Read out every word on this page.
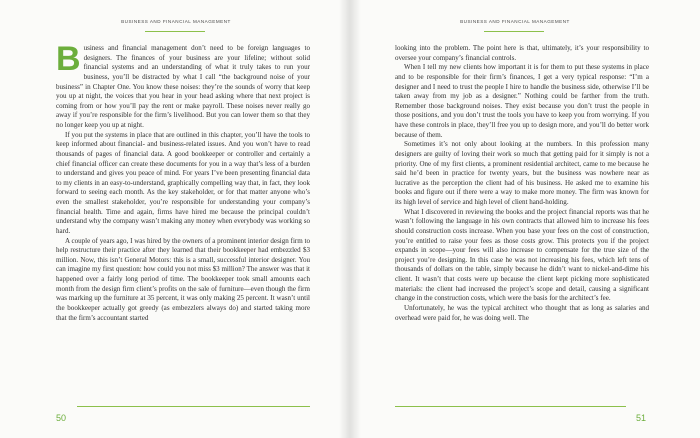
BUSINESS AND FINANCIAL MANAGEMENT

Business and financial management don’t need to be foreign languages to designers. The finances of your business are your lifeline; without solid financial systems and an understanding of what it truly takes to run your business, you’ll be distracted by what I call “the background noise of your business” in Chapter One. You know these noises: they’re the sounds of worry that keep you up at night, the voices that you hear in your head asking where that next project is coming from or how you’ll pay the rent or make payroll. These noises never really go away if you’re responsible for the firm’s livelihood. But you can lower them so that they no longer keep you up at night.

If you put the systems in place that are outlined in this chapter, you’ll have the tools to keep informed about financial- and business-related issues. And you won’t have to read thousands of pages of financial data. A good bookkeeper or controller and certainly a chief financial officer can create these documents for you in a way that’s less of a burden to understand and gives you peace of mind. For years I’ve been presenting financial data to my clients in an easy-to-understand, graphically compelling way that, in fact, they look forward to seeing each month. As the key stakeholder, or for that matter anyone who’s even the smallest stakeholder, you’re responsible for understanding your company’s financial health. Time and again, firms have hired me because the principal couldn’t understand why the company wasn’t making any money when everybody was working so hard.

A couple of years ago, I was hired by the owners of a prominent interior design firm to help restructure their practice after they learned that their bookkeeper had embezzled $3 million. Now, this isn’t General Motors: this is a small, successful interior designer. You can imagine my first question: how could you not miss $3 million? The answer was that it happened over a fairly long period of time. The bookkeeper took small amounts each month from the design firm client’s profits on the sale of furniture—even though the firm was marking up the furniture at 35 percent, it was only making 25 percent. It wasn’t until the bookkeeper actually got greedy (as embezzlers always do) and started taking more that the firm’s accountant started

50
BUSINESS AND FINANCIAL MANAGEMENT

looking into the problem. The point here is that, ultimately, it’s your responsibility to oversee your company’s financial controls.

When I tell my new clients how important it is for them to put these systems in place and to be responsible for their firm’s finances, I get a very typical response: “I’m a designer and I need to trust the people I hire to handle the business side, otherwise I’ll be taken away from my job as a designer.” Nothing could be farther from the truth. Remember those background noises. They exist because you don’t trust the people in those positions, and you don’t trust the tools you have to keep you from worrying. If you have these controls in place, they’ll free you up to design more, and you’ll do better work because of them.

Sometimes it’s not only about looking at the numbers. In this profession many designers are guilty of loving their work so much that getting paid for it simply is not a priority. One of my first clients, a prominent residential architect, came to me because he said he’d been in practice for twenty years, but the business was nowhere near as lucrative as the perception the client had of his business. He asked me to examine his books and figure out if there were a way to make more money. The firm was known for its high level of service and high level of client hand-holding.

What I discovered in reviewing the books and the project financial reports was that he wasn’t following the language in his own contracts that allowed him to increase his fees should construction costs increase. When you base your fees on the cost of construction, you’re entitled to raise your fees as those costs grow. This protects you if the project expands in scope—your fees will also increase to compensate for the true size of the project you’re designing. In this case he was not increasing his fees, which left tens of thousands of dollars on the table, simply because he didn’t want to nickel-and-dime his client. It wasn’t that costs were up because the client kept picking more sophisticated materials: the client had increased the project’s scope and detail, causing a significant change in the construction costs, which were the basis for the architect’s fee.

Unfortunately, he was the typical architect who thought that as long as salaries and overhead were paid for, he was doing well. The

51
